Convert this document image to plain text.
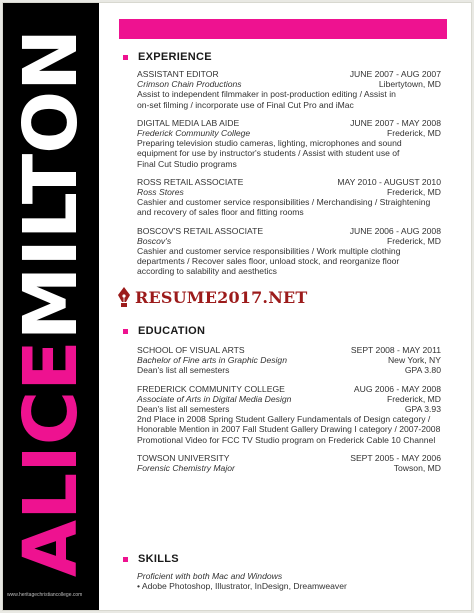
ALICEMILTON
www.heritagechristiancollege.com
EXPERIENCE
ASSISTANT EDITOR	JUNE 2007 - AUG 2007
Crimson Chain Productions	Libertytown, MD
Assist to independent filmmaker in post-production editing / Assist in
on-set filming / incorporate use of Final Cut Pro and iMac
DIGITAL MEDIA LAB AIDE	JUNE 2007 - MAY 2008
Frederick Community College	Frederick, MD
Preparing television studio cameras, lighting, microphones and sound
equipment for use by instructor's students / Assist with student use of
Final Cut Studio programs
ROSS RETAIL ASSOCIATE	MAY 2010 - AUGUST 2010
Ross Stores	Frederick, MD
Cashier and customer service responsibilities / Merchandising / Straightening
and recovery of sales floor and fitting rooms
BOSCOV'S RETAIL ASSOCIATE	JUNE 2006 - AUG 2008
Boscov's	Frederick, MD
Cashier and customer service responsibilities / Work multiple clothing
departments / Recover sales floor, unload stock, and reorganize floor
according to salability and aesthetics
RESUME2017.NET
EDUCATION
SCHOOL OF VISUAL ARTS	SEPT 2008 - MAY 2011
Bachelor of Fine arts in Graphic Design	New York, NY
Dean's list all semesters	GPA 3.80
FREDERICK COMMUNITY COLLEGE	AUG 2006 - MAY 2008
Associate of Arts in Digital Media Design	Frederick, MD
Dean's list all semesters	GPA 3.93
2nd Place in 2008 Spring Student Gallery Fundamentals of Design category /
Honorable Mention in 2007 Fall Student Gallery Drawing I category / 2007-2008
Promotional Video for FCC TV Studio program on Frederick Cable 10 Channel
TOWSON UNIVERSITY	SEPT 2005 - MAY 2006
Forensic Chemistry Major	Towson, MD
SKILLS
Proficient with both Mac and Windows
• Adobe Photoshop, Illustrator, InDesign, Dreamweaver
